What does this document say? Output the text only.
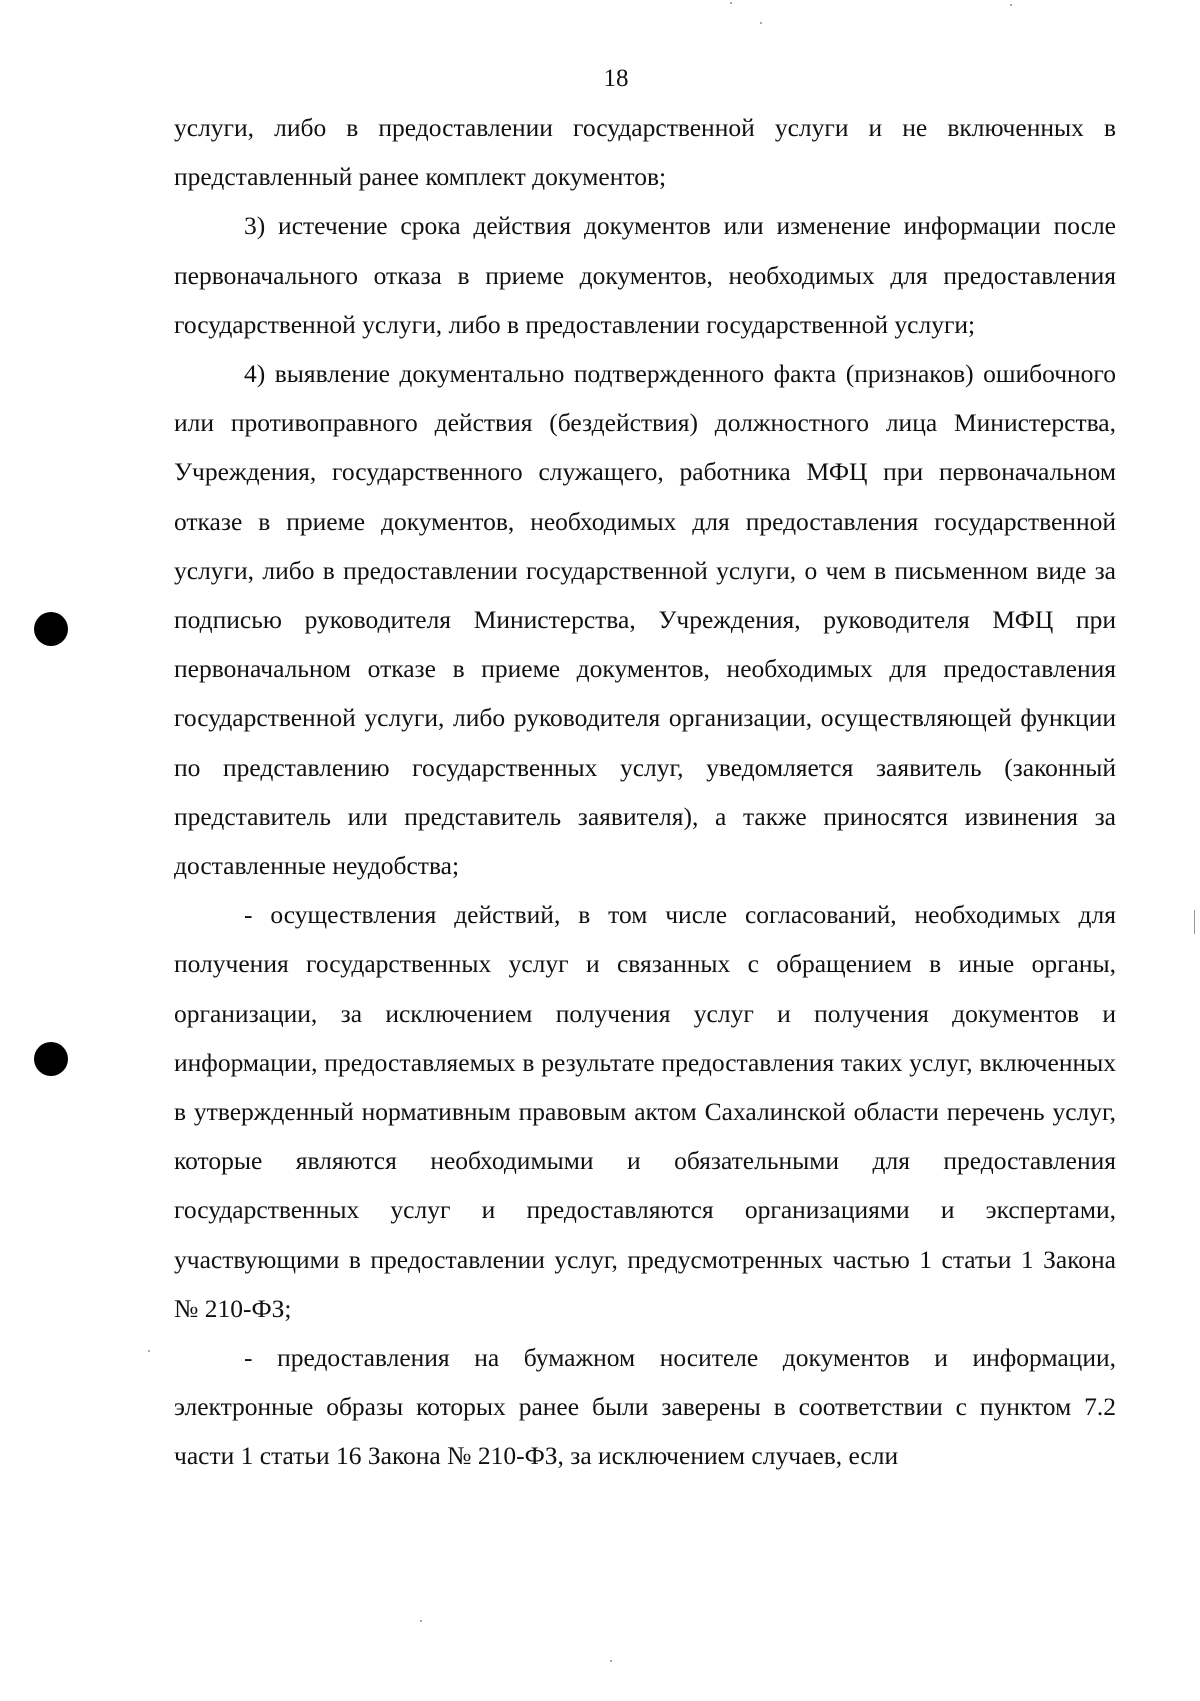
18

услуги, либо в предоставлении государственной услуги и не включенных в представленный ранее комплект документов;

3) истечение срока действия документов или изменение информации после первоначального отказа в приеме документов, необходимых для предоставления государственной услуги, либо в предоставлении государственной услуги;

4) выявление документально подтвержденного факта (признаков) ошибочного или противоправного действия (бездействия) должностного лица Министерства, Учреждения, государственного служащего, работника МФЦ при первоначальном отказе в приеме документов, необходимых для предоставления государственной услуги, либо в предоставлении государственной услуги, о чем в письменном виде за подписью руководителя Министерства, Учреждения, руководителя МФЦ при первоначальном отказе в приеме документов, необходимых для предоставления государственной услуги, либо руководителя организации, осуществляющей функции по представлению государственных услуг, уведомляется заявитель (законный представитель или представитель заявителя), а также приносятся извинения за доставленные неудобства;

- осуществления действий, в том числе согласований, необходимых для получения государственных услуг и связанных с обращением в иные органы, организации, за исключением получения услуг и получения документов и информации, предоставляемых в результате предоставления таких услуг, включенных в утвержденный нормативным правовым актом Сахалинской области перечень услуг, которые являются необходимыми и обязательными для предоставления государственных услуг и предоставляются организациями и экспертами, участвующими в предоставлении услуг, предусмотренных частью 1 статьи 1 Закона № 210-ФЗ;

- предоставления на бумажном носителе документов и информации, электронные образы которых ранее были заверены в соответствии с пунктом 7.2 части 1 статьи 16 Закона № 210-ФЗ, за исключением случаев, если
